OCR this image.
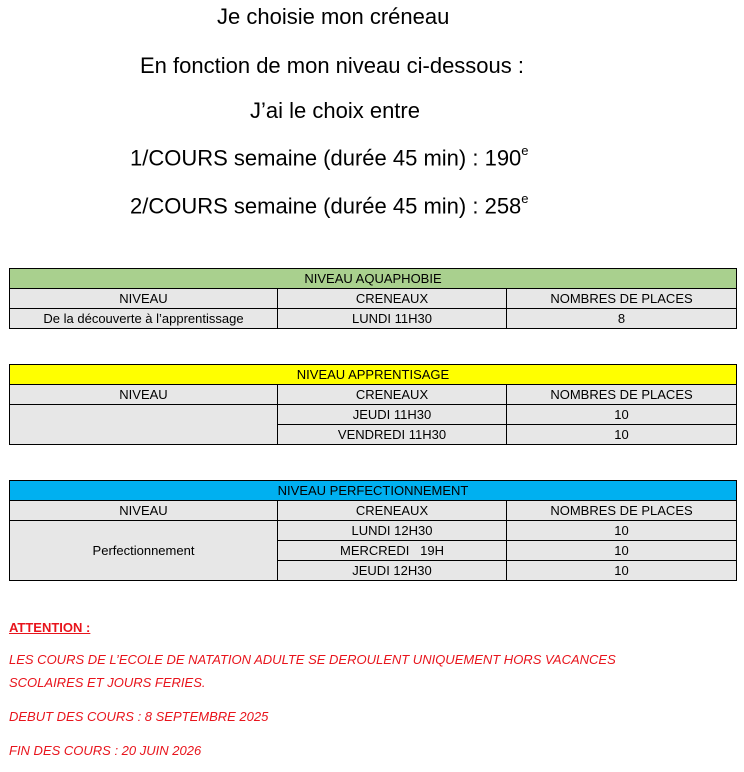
Je choisie mon créneau
En fonction de mon niveau ci-dessous :
J’ai le choix entre
1/COURS semaine (durée 45 min) : 190e
2/COURS semaine (durée 45 min) : 258e
NIVEAU AQUAPHOBIE		
NIVEAU	CRENEAUX	NOMBRES DE PLACES
De la découverte à l’apprentissage	LUNDI 11H30	8
NIVEAU APPRENTISAGE		
NIVEAU	CRENEAUX	NOMBRES DE PLACES
	JEUDI 11H30	10
	VENDREDI 11H30	10
NIVEAU PERFECTIONNEMENT		
NIVEAU	CRENEAUX	NOMBRES DE PLACES
Perfectionnement	LUNDI 12H30	10
	MERCREDI   19H	10
	JEUDI 12H30	10
ATTENTION :
LES COURS DE L’ECOLE DE NATATION ADULTE SE DEROULENT UNIQUEMENT HORS VACANCES
SCOLAIRES ET JOURS FERIES.
DEBUT DES COURS : 8 SEPTEMBRE 2025
FIN DES COURS : 20 JUIN 2026
